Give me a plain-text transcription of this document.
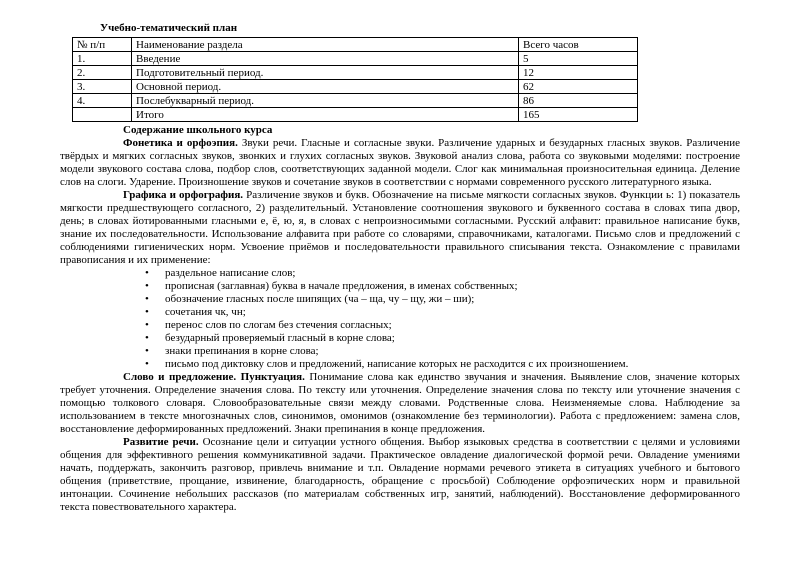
Учебно-тематический план
№ п/п	Наименование раздела	Всего часов
1.	Введение	5
2.	Подготовительный период.	12
3.	Основной период.	62
4.	Послебукварный период.	86
	Итого	165
Содержание школьного курса
Фонетика и орфоэпия. Звуки речи. Гласные и согласные звуки. Различение ударных и безударных гласных звуков. Различение твёрдых и мягких согласных звуков, звонких и глухих согласных звуков. Звуковой анализ слова, работа со звуковыми моделями: построение модели звукового состава слова, подбор слов, соответствующих заданной модели. Слог как минимальная произносительная единица. Деление слов на слоги. Ударение. Произношение звуков и сочетание звуков в соответствии с нормами современного русского литературного языка.
Графика и орфография. Различение звуков и букв. Обозначение на письме мягкости согласных звуков. Функции ь: 1) показатель мягкости предшествующего согласного, 2) разделительный. Установление соотношения звукового и буквенного состава в словах типа двор, день; в словах йотированными гласными е, ё, ю, я, в словах с непроизносимыми согласными. Русский алфавит: правильное написание букв, знание их последовательности. Использование алфавита при работе со словарями, справочниками, каталогами. Письмо слов и предложений с соблюдениями гигиенических норм. Усвоение приёмов и последовательности правильного списывания текста. Ознакомление с правилами правописания и их применение:
• раздельное написание слов;
• прописная (заглавная) буква в начале предложения, в именах собственных;
• обозначение гласных после шипящих (ча – ща, чу – щу, жи – ши);
• сочетания чк, чн;
• перенос слов по слогам без стечения согласных;
• безударный проверяемый гласный в корне слова;
• знаки препинания в корне слова;
• письмо под диктовку слов и предложений, написание которых не расходится с их произношением.
Слово и предложение. Пунктуация. Понимание слова как единство звучания и значения. Выявление слов, значение которых требует уточнения. Определение значения слова. По тексту или уточнения. Определение значения слова по тексту или уточнение значения с помощью толкового словаря. Словообразовательные связи между словами. Родственные слова. Неизменяемые слова. Наблюдение за использованием в тексте многозначных слов, синонимов, омонимов (ознакомление без терминологии). Работа с предложением: замена слов, восстановление деформированных предложений. Знаки препинания в конце предложения.
Развитие речи. Осознание цели и ситуации устного общения. Выбор языковых средства в соответствии с целями и условиями общения для эффективного решения коммуникативной задачи. Практическое овладение диалогической формой речи. Овладение умениями начать, поддержать, закончить разговор, привлечь внимание и т.п. Овладение нормами речевого этикета в ситуациях учебного и бытового общения (приветствие, прощание, извинение, благодарность, обращение с просьбой) Соблюдение орфоэпических норм и правильной интонации. Сочинение небольших рассказов (по материалам собственных игр, занятий, наблюдений). Восстановление деформированного текста повествовательного характера.
